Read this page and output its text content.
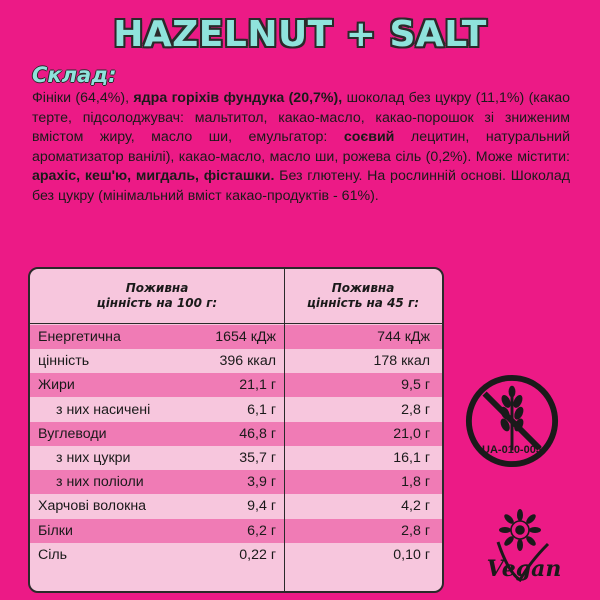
HAZELNUT + SALT
Склад:
Фініки (64,4%), ядра горіхів фундука (20,7%), шоколад без цукру (11,1%) (какао терте, підсолоджувач: мальтитол, какао-масло, какао-порошок зі зниженим вмістом жиру, масло ши, емульгатор: соєвий лецитин, натуральний ароматизатор ванілі), какао-масло, масло ши, рожева сіль (0,2%). Може містити: арахіс, кеш'ю, мигдаль, фісташки. Без глютену. На рослинній основі. Шоколад без цукру (мінімальний вміст какао-продуктів - 61%).
Поживна
цінність на 100 г:
Поживна
цінність на 45 г:
Енергетична	1654 кДж	744 кДж
цінність	396 ккал	178 ккал
Жири	21,1 г	9,5 г
з них насичені	6,1 г	2,8 г
Вуглеводи	46,8 г	21,0 г
з них цукри	35,7 г	16,1 г
з них поліоли	3,9 г	1,8 г
Харчові волокна	9,4 г	4,2 г
Білки	6,2 г	2,8 г
Сіль	0,22 г	0,10 г
UA-010-003
Vegan
